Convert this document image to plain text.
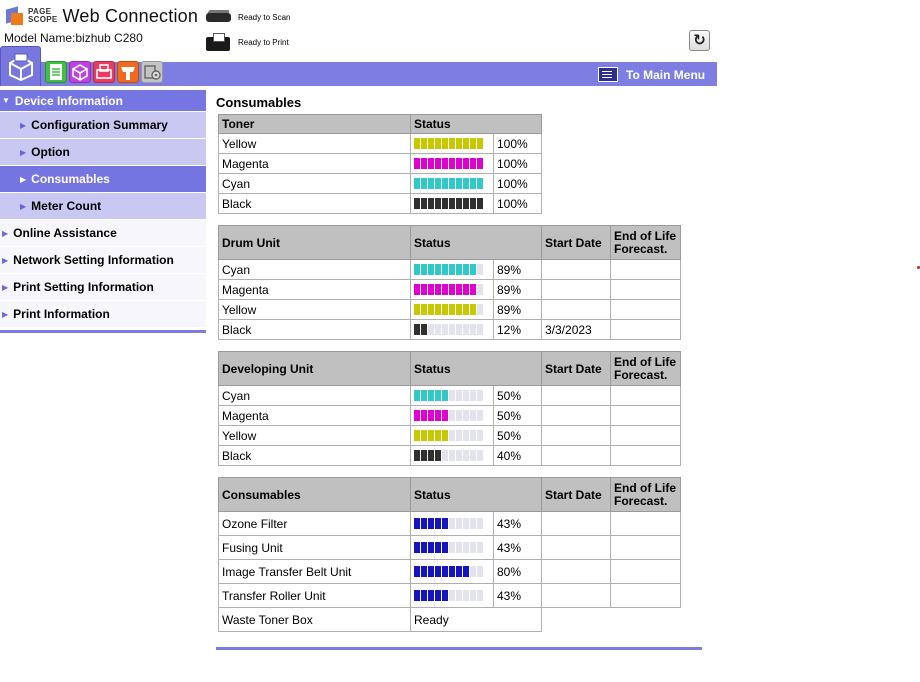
PAGE
SCOPE Web Connection
Model Name:bizhub C280
Ready to Scan
Ready to Print	↻
To Main Menu
▼ Device Information
▶ Configuration Summary
▶ Option
▶ Consumables
▶ Meter Count
▶ Online Assistance
▶ Network Setting Information
▶ Print Setting Information
▶ Print Information
Consumables
Toner	Status	
Yellow		100%
Magenta		100%
Cyan		100%
Black		100%
Drum Unit	Status		Start Date	End of Life Forecast.
Cyan		89%		
Magenta		89%		
Yellow		89%		
Black		12%	3/3/2023	
Developing Unit	Status		Start Date	End of Life Forecast.
Cyan		50%		
Magenta		50%		
Yellow		50%		
Black		40%		
Consumables	Status		Start Date	End of Life Forecast.
Ozone Filter		43%		
Fusing Unit		43%		
Image Transfer Belt Unit		80%		
Transfer Roller Unit		43%		
Waste Toner Box	Ready			
